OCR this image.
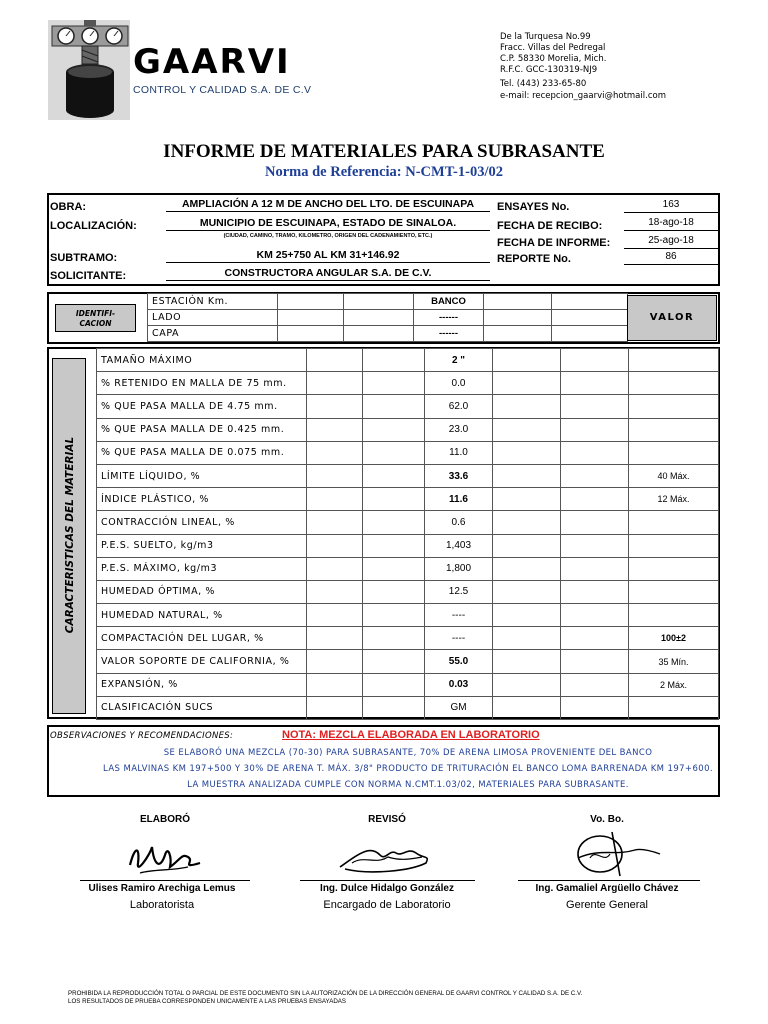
GAARVI
CONTROL Y CALIDAD S.A. DE C.V
De la Turquesa No.99
Fracc. Villas del Pedregal
C.P. 58330 Morelia, Mich.
R.F.C. GCC-130319-NJ9
Tel. (443) 233-65-80
e-mail: recepcion_gaarvi@hotmail.com
INFORME DE MATERIALES PARA SUBRASANTE
Norma de Referencia: N-CMT-1-03/02
OBRA:	AMPLIACIÓN A 12 M DE ANCHO DEL LTO. DE ESCUINAPA
LOCALIZACIÓN:	MUNICIPIO DE ESCUINAPA, ESTADO DE SINALOA.
(CIUDAD, CAMINO, TRAMO, KILOMETRO, ORIGEN DEL CADENAMIENTO, ETC.)
SUBTRAMO:	KM 25+750 AL KM 31+146.92
SOLICITANTE:	CONSTRUCTORA ANGULAR S.A. DE C.V.
ENSAYES No.	163
FECHA DE RECIBO:	18-ago-18
FECHA DE INFORME:	25-ago-18
REPORTE No.	86
IDENTIFI-
CACION
ESTACIÓN Km.			BANCO		
LADO			------		
CAPA			------		
VALOR
CARACTERISTICAS DEL MATERIAL
TAMAÑO MÁXIMO			2 "			
% RETENIDO EN MALLA DE 75 mm.			0.0			
% QUE PASA MALLA DE 4.75 mm.			62.0			
% QUE PASA MALLA DE 0.425 mm.			23.0			
% QUE PASA MALLA DE 0.075 mm.			11.0			
LÍMITE LÍQUIDO, %			33.6			40 Máx.
ÍNDICE PLÁSTICO, %			11.6			12 Máx.
CONTRACCIÓN LINEAL, %			0.6			
P.E.S. SUELTO, kg/m3			1,403			
P.E.S. MÁXIMO, kg/m3			1,800			
HUMEDAD ÓPTIMA, %			12.5			
HUMEDAD NATURAL, %			----			
COMPACTACIÓN DEL LUGAR, %			----			100±2
VALOR SOPORTE DE CALIFORNIA, %			55.0			35 Mín.
EXPANSIÓN, %			0.03			2 Máx.
CLASIFICACIÓN SUCS			GM			
OBSERVACIONES Y RECOMENDACIONES:	NOTA: MEZCLA ELABORADA EN LABORATORIO
SE ELABORÓ UNA MEZCLA (70-30) PARA SUBRASANTE, 70% DE ARENA LIMOSA PROVENIENTE DEL BANCO
LAS MALVINAS KM 197+500 Y 30% DE ARENA T. MÁX. 3/8" PRODUCTO DE TRITURACIÓN EL BANCO LOMA BARRENADA KM 197+600.
LA MUESTRA ANALIZADA CUMPLE CON NORMA N.CMT.1.03/02, MATERIALES PARA SUBRASANTE.
ELABORÓ	REVISÓ	Vo. Bo.
Ulises Ramiro Arechiga Lemus	Ing. Dulce Hidalgo González	Ing. Gamaliel Argüello Chávez
Laboratorista	Encargado de Laboratorio	Gerente General
PROHIBIDA LA REPRODUCCIÓN TOTAL O PARCIAL DE ESTE DOCUMENTO SIN LA AUTORIZACIÓN DE LA DIRECCIÓN GENERAL DE GAARVI CONTROL Y CALIDAD S.A. DE C.V.
LOS RESULTADOS DE PRUEBA CORRESPONDEN UNICAMENTE A LAS PRUEBAS ENSAYADAS
